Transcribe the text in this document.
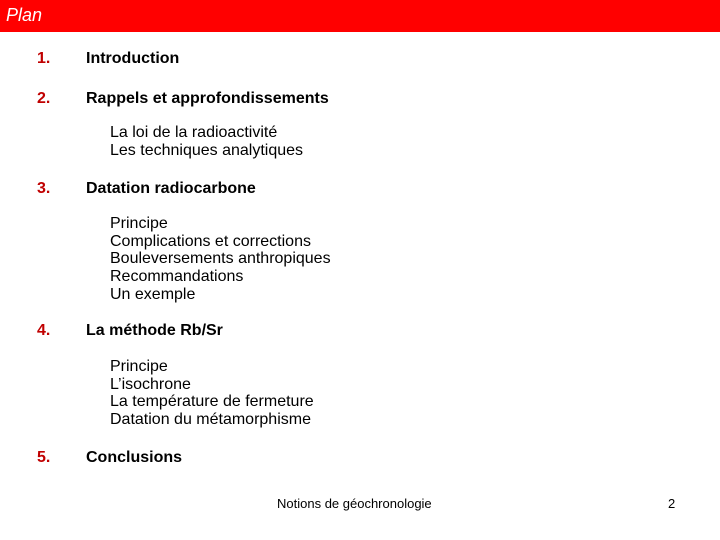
Plan
1. Introduction
2. Rappels et approfondissements
La loi de la radioactivité
Les techniques analytiques
3. Datation radiocarbone
Principe
Complications et corrections
Bouleversements anthropiques
Recommandations
Un exemple
4. La méthode Rb/Sr
Principe
L’isochrone
La température de fermeture
Datation du métamorphisme
5. Conclusions
Notions de géochronologie	2
